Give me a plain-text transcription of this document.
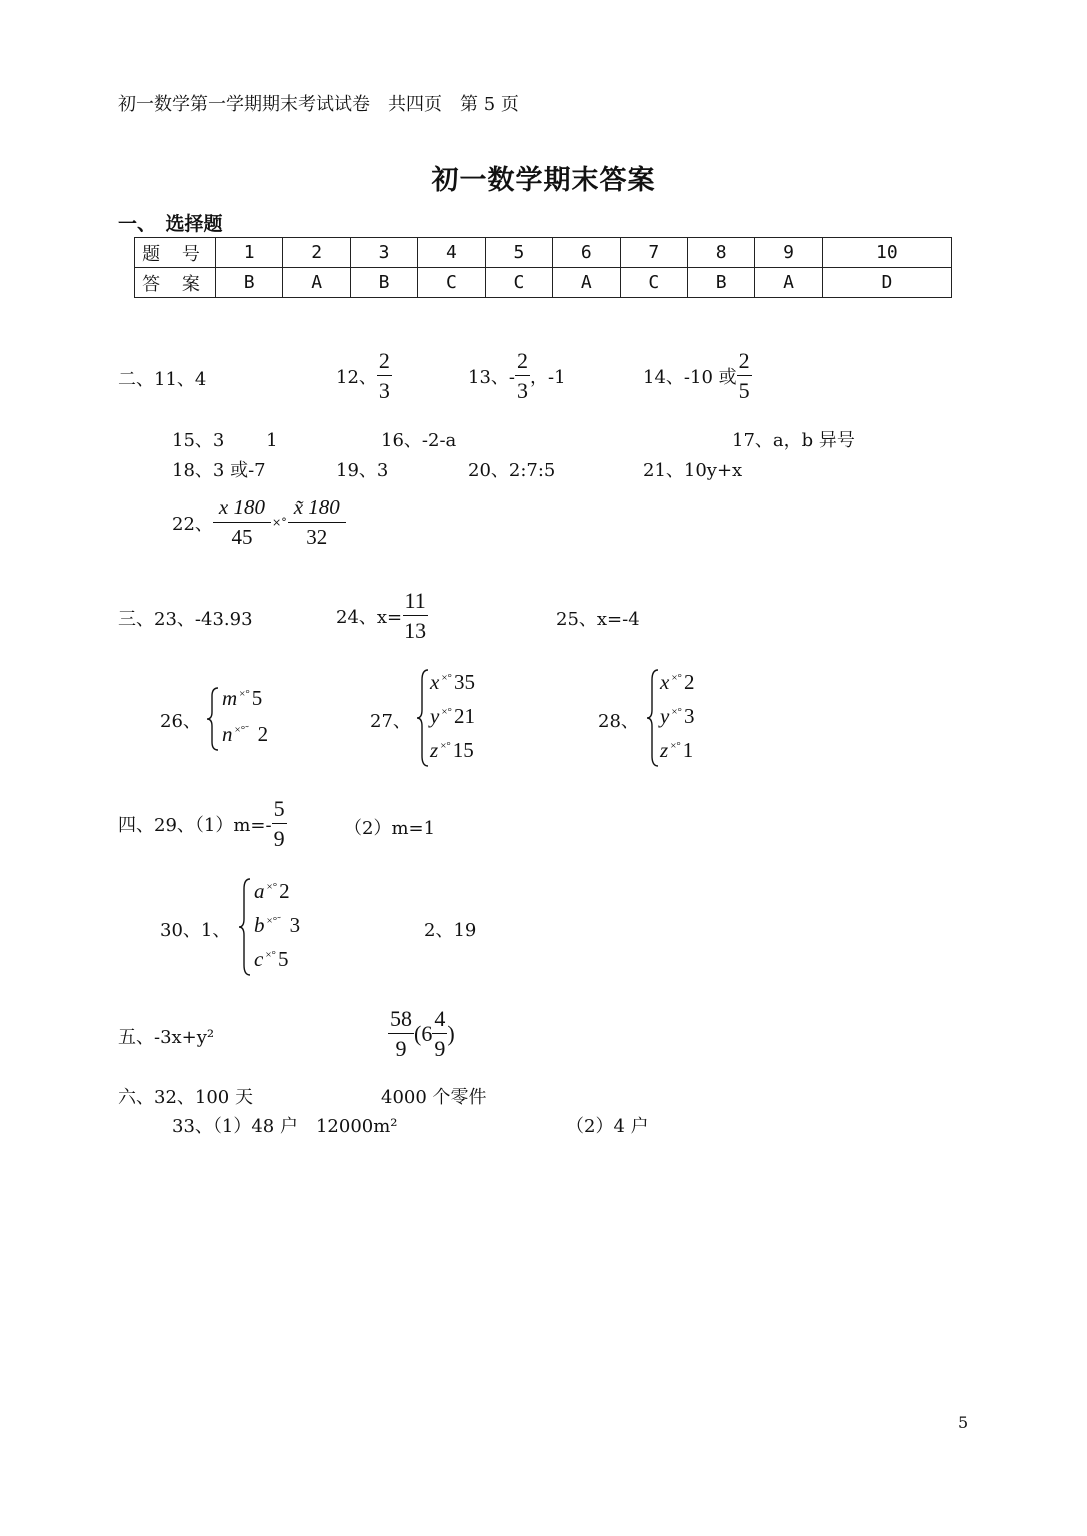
初一数学第一学期期末考试试卷　共四页　第 5 页
初一数学期末答案
一、　选择题
题 号	1	2	3	4	5	6	7	8	9	10
答 案	B	A	B	C	C	A	C	B	A	D
二、11、4	12、 $\frac{2}{3}$	13、- $\frac{2}{3}$ ，-1	14、-10 或 $\frac{2}{5}$
15、3　　 1	16、-2-a	17、a，b 异号
18、3 或-7	19、3	20、2:7:5	21、10y+x
22、 $\frac{x 180}{45}$ ×° $\frac{x̃ 180}{32}$
三、23、-43.93	24、$x= \frac{11}{13}$	25、x=-4
26、
m ×°5
n ×°̃  2
27、
x ×°35
y ×°21
z ×°15
28、
x ×°2
y ×°3
z ×°1
四、29、$(1)m=- \frac{5}{9}$	（2）m=1
30、1、
a ×°2
b ×°̃  3
c ×°5
2、19
五、-3x+y²	$\frac{58}{9} (6 \frac{4}{9}$ )
六、32、100 天	4000 个零件
33、（1）48 户　12000m²	（2）4 户
5
